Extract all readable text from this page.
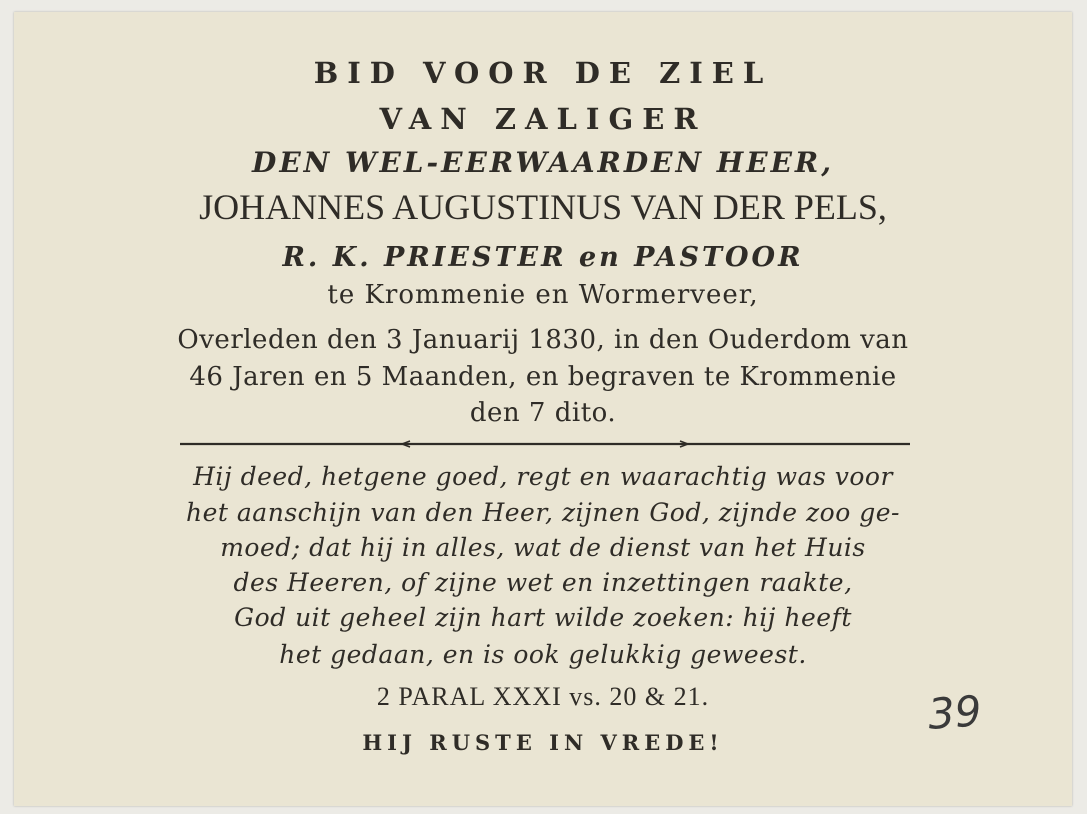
BID VOOR DE ZIEL
VAN ZALIGER
DEN WEL-EERWAARDEN HEER,
JOHANNES AUGUSTINUS VAN DER PELS,
R. K. PRIESTER en PASTOOR
te Krommenie en Wormerveer,
Overleden den 3 Januarij 1830, in den Ouderdom van
46 Jaren en 5 Maanden, en begraven te Krommenie
den 7 dito.
Hij deed, hetgene goed, regt en waarachtig was voor
het aanschijn van den Heer, zijnen God, zijnde zoo ge-
moed; dat hij in alles, wat de dienst van het Huis
des Heeren, of zijne wet en inzettingen raakte,
God uit geheel zijn hart wilde zoeken: hij heeft
het gedaan, en is ook gelukkig geweest.
2 PARAL XXXI vs. 20 & 21.
HIJ RUSTE IN VREDE!
39
